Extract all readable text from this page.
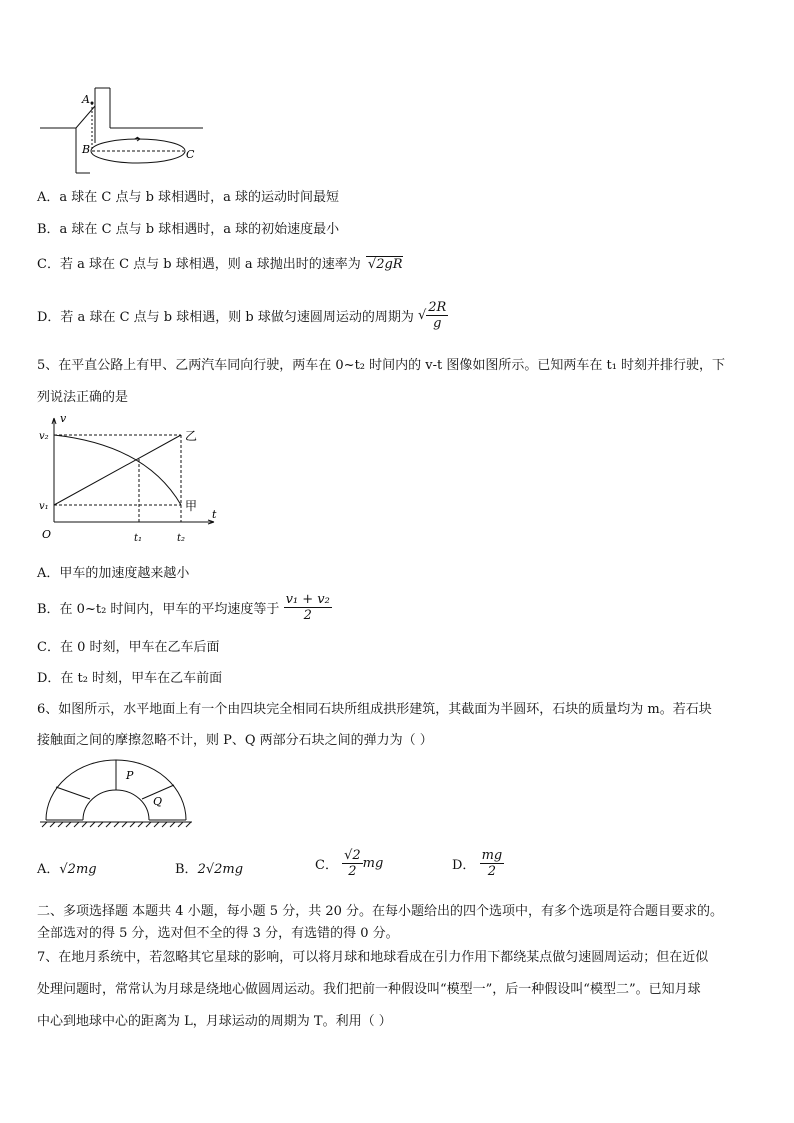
A
B	C
A．a 球在 C 点与 b 球相遇时，a 球的运动时间最短
B．a 球在 C 点与 b 球相遇时，a 球的初始速度最小
C．若 a 球在 C 点与 b 球相遇，则 a 球抛出时的速率为 √2gR
D．若 a 球在 C 点与 b 球相遇，则 b 球做匀速圆周运动的周期为 √ $\frac{2R}{g}$
5、在平直公路上有甲、乙两汽车同向行驶，两车在 0~t₂ 时间内的 v-t 图像如图所示。已知两车在 t₁ 时刻并排行驶，下
列说法正确的是
v
t
O
v₂
v₁
t₁	t₂
乙
甲
A．甲车的加速度越来越小
B．在 0~t₂ 时间内，甲车的平均速度等于 $\frac{\text{v₁ + v₂}}{2}$
C．在 0 时刻，甲车在乙车后面
D．在 t₂ 时刻，甲车在乙车前面
6、如图所示，水平地面上有一个由四块完全相同石块所组成拱形建筑，其截面为半圆环，石块的质量均为 m。若石块
接触面之间的摩擦忽略不计，则 P、Q 两部分石块之间的弹力为（ ）
P
Q
A．√2mg	B．2√2mg	C． $\frac{√2}{2}$ mg	D． $\frac{mg}{2}$
二、多项选择题 本题共 4 小题，每小题 5 分，共 20 分。在每小题给出的四个选项中，有多个选项是符合题目要求的。
全部选对的得 5 分，选对但不全的得 3 分，有选错的得 0 分。
7、在地月系统中，若忽略其它星球的影响，可以将月球和地球看成在引力作用下都绕某点做匀速圆周运动；但在近似
处理问题时，常常认为月球是绕地心做圆周运动。我们把前一种假设叫“模型一”，后一种假设叫“模型二”。已知月球
中心到地球中心的距离为 L，月球运动的周期为 T。利用（ ）
